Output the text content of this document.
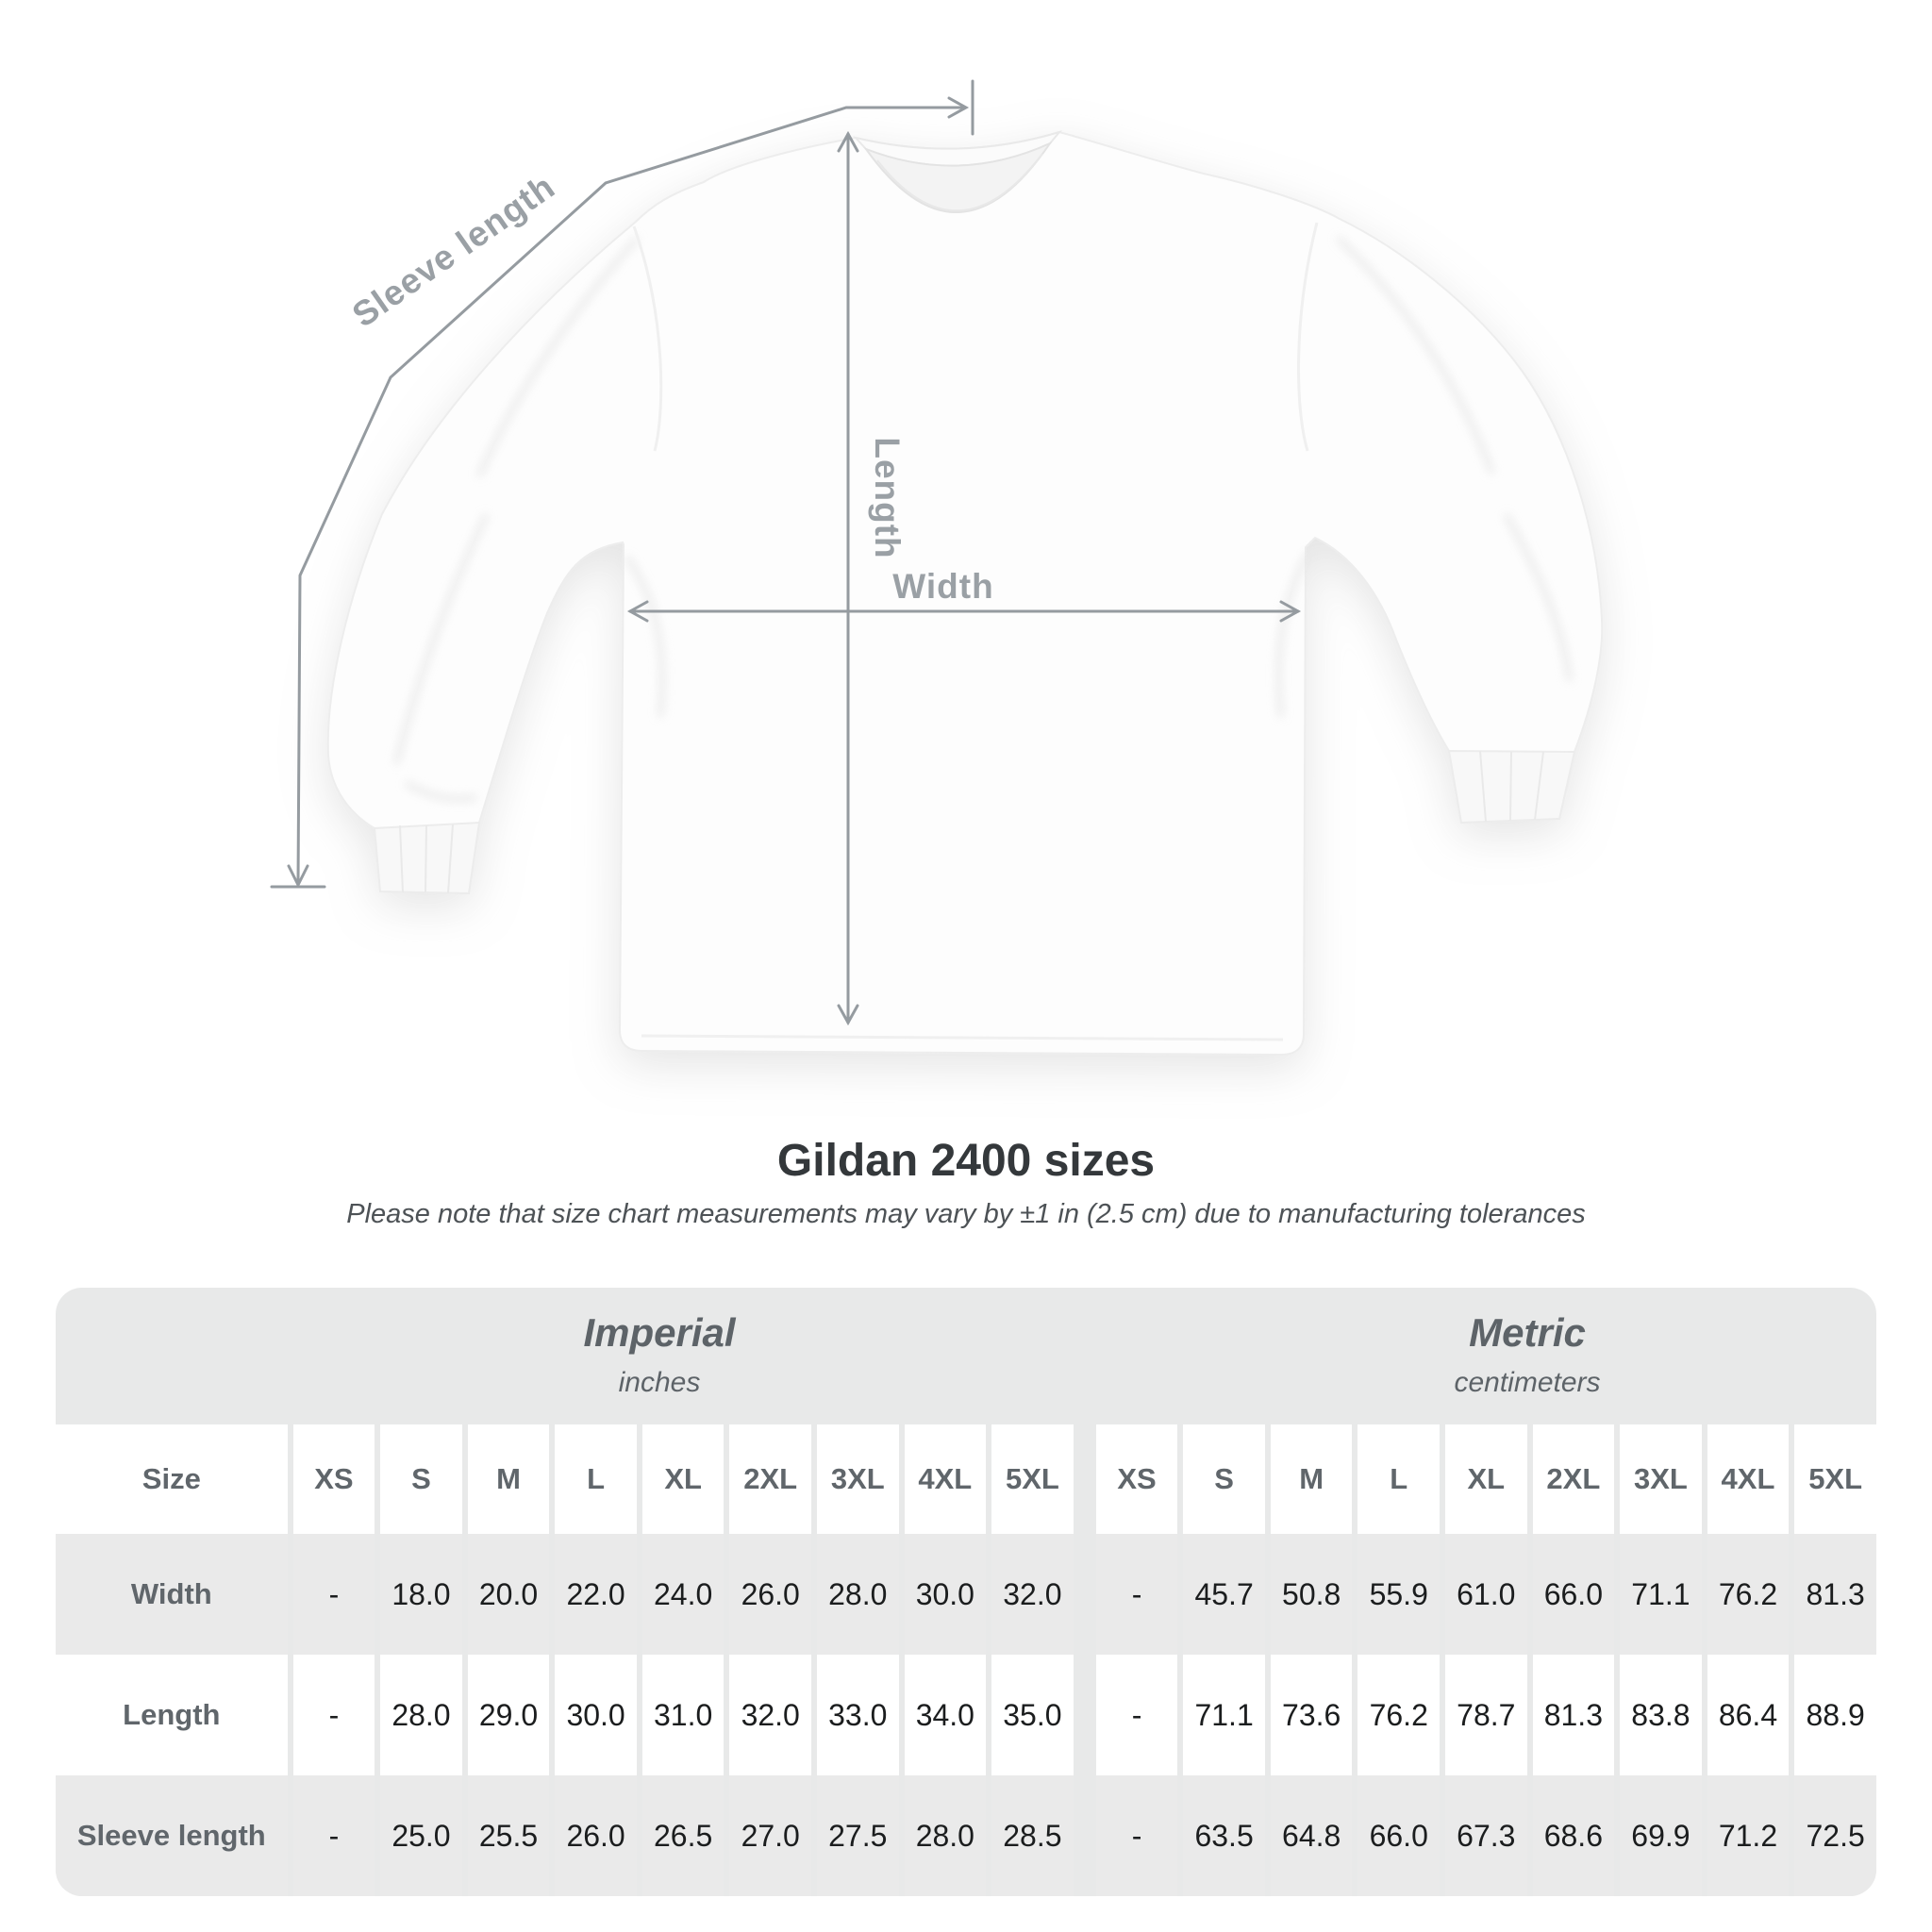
Sleeve length
Length
Width
Gildan 2400 sizes
Please note that size chart measurements may vary by ±1 in (2.5 cm) due to manufacturing tolerances
Imperial
inches
Metric
centimeters
Size	XS	S	M	L	XL	2XL	3XL	4XL	5XL		XS	S	M	L	XL	2XL	3XL	4XL	5XL
Width	-	18.0	20.0	22.0	24.0	26.0	28.0	30.0	32.0		-	45.7	50.8	55.9	61.0	66.0	71.1	76.2	81.3
Length	-	28.0	29.0	30.0	31.0	32.0	33.0	34.0	35.0		-	71.1	73.6	76.2	78.7	81.3	83.8	86.4	88.9
Sleeve length	-	25.0	25.5	26.0	26.5	27.0	27.5	28.0	28.5		-	63.5	64.8	66.0	67.3	68.6	69.9	71.2	72.5
